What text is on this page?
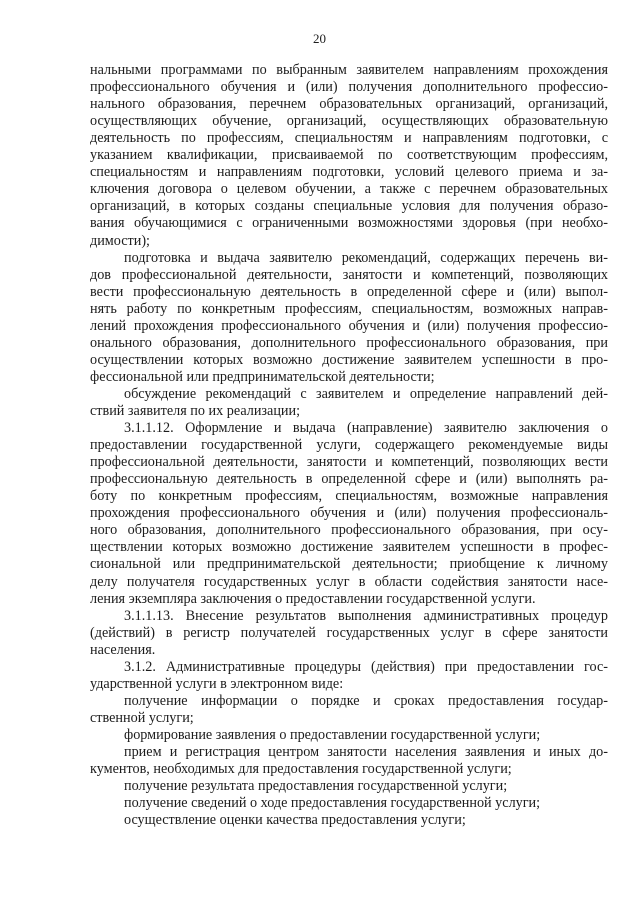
20
нальными программами по выбранным заявителем направлениям прохождения
профессионального обучения и (или) получения дополнительного профессио-
нального образования, перечнем образовательных организаций, организаций,
осуществляющих обучение, организаций, осуществляющих образовательную
деятельность по профессиям, специальностям и направлениям подготовки, с
указанием квалификации, присваиваемой по соответствующим профессиям,
специальностям и направлениям подготовки, условий целевого приема и за-
ключения договора о целевом обучении, а также с перечнем образовательных
организаций, в которых созданы специальные условия для получения образо-
вания обучающимися с ограниченными возможностями здоровья (при необхо-
димости);
подготовка и выдача заявителю рекомендаций, содержащих перечень ви-
дов профессиональной деятельности, занятости и компетенций, позволяющих
вести профессиональную деятельность в определенной сфере и (или) выпол-
нять работу по конкретным профессиям, специальностям, возможных направ-
лений прохождения профессионального обучения и (или) получения профессио-
онального образования, дополнительного профессионального образования, при
осуществлении которых возможно достижение заявителем успешности в про-
фессиональной или предпринимательской деятельности;
обсуждение рекомендаций с заявителем и определение направлений дей-
ствий заявителя по их реализации;
3.1.1.12. Оформление и выдача (направление) заявителю заключения о
предоставлении государственной услуги, содержащего рекомендуемые виды
профессиональной деятельности, занятости и компетенций, позволяющих вести
профессиональную деятельность в определенной сфере и (или) выполнять ра-
боту по конкретным профессиям, специальностям, возможные направления
прохождения профессионального обучения и (или) получения профессиональ-
ного образования, дополнительного профессионального образования, при осу-
ществлении которых возможно достижение заявителем успешности в профес-
сиональной или предпринимательской деятельности; приобщение к личному
делу получателя государственных услуг в области содействия занятости насе-
ления экземпляра заключения о предоставлении государственной услуги.
3.1.1.13. Внесение результатов выполнения административных процедур
(действий) в регистр получателей государственных услуг в сфере занятости
населения.
3.1.2. Административные процедуры (действия) при предоставлении гос-
ударственной услуги в электронном виде:
получение информации о порядке и сроках предоставления государ-
ственной услуги;
формирование заявления о предоставлении государственной услуги;
прием и регистрация центром занятости населения заявления и иных до-
кументов, необходимых для предоставления государственной услуги;
получение результата предоставления государственной услуги;
получение сведений о ходе предоставления государственной услуги;
осуществление оценки качества предоставления услуги;
